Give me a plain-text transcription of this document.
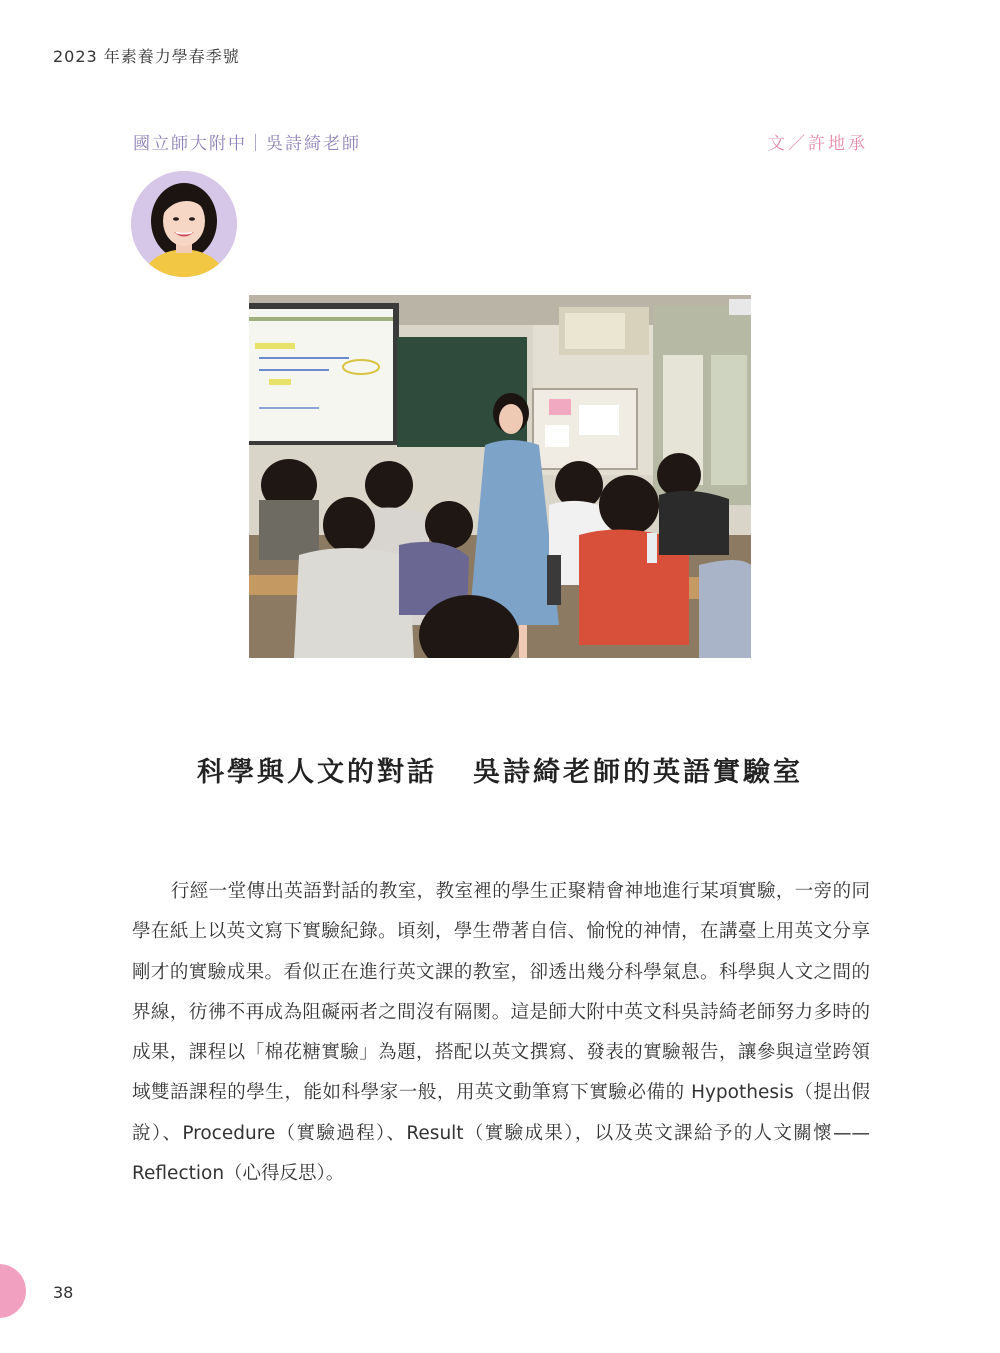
2023 年素養力學春季號
國立師大附中｜吳詩綺老師	文／許地承
科學與人文的對話 吳詩綺老師的英語實驗室

行經一堂傳出英語對話的教室，教室裡的學生正聚精會神地進行某項實驗，一旁的同學在紙上以英文寫下實驗紀錄。頃刻，學生帶著自信、愉悅的神情，在講臺上用英文分享剛才的實驗成果。看似正在進行英文課的教室，卻透出幾分科學氣息。科學與人文之間的界線，彷彿不再成為阻礙兩者之間沒有隔閡。這是師大附中英文科吳詩綺老師努力多時的成果，課程以「棉花糖實驗」為題，搭配以英文撰寫、發表的實驗報告，讓參與這堂跨領域雙語課程的學生，能如科學家一般，用英文動筆寫下實驗必備的 Hypothesis（提出假說）、Procedure（實驗過程）、Result（實驗成果），以及英文課給予的人文關懷—— Reflection（心得反思）。

38
